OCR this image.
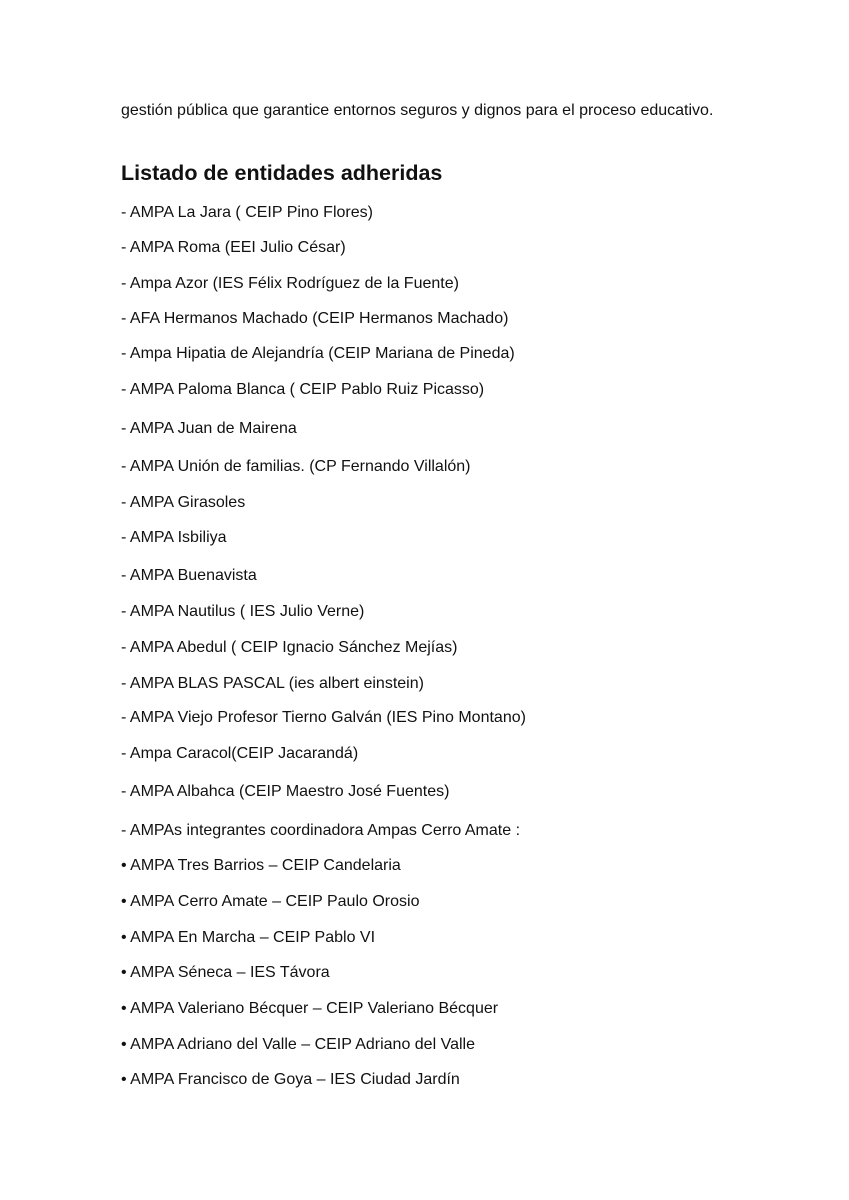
gestión pública que garantice entornos seguros y dignos para el proceso educativo.

Listado de entidades adheridas

- AMPA La Jara ( CEIP Pino Flores)

- AMPA Roma (EEI Julio César)

- Ampa Azor (IES Félix Rodríguez de la Fuente)

- AFA Hermanos Machado (CEIP Hermanos Machado)

- Ampa Hipatia de Alejandría (CEIP Mariana de Pineda)

- AMPA Paloma Blanca ( CEIP Pablo Ruiz Picasso)

- AMPA Juan de Mairena

- AMPA Unión de familias. (CP Fernando Villalón)

- AMPA Girasoles

- AMPA Isbiliya

- AMPA Buenavista

- AMPA Nautilus ( IES Julio Verne)

- AMPA Abedul ( CEIP Ignacio Sánchez Mejías)

- AMPA BLAS PASCAL (ies albert einstein)

- AMPA Viejo Profesor Tierno Galván (IES Pino Montano)

- Ampa Caracol(CEIP Jacarandá)

- AMPA Albahca (CEIP Maestro José Fuentes)

- AMPAs integrantes coordinadora Ampas Cerro Amate :

• AMPA Tres Barrios – CEIP Candelaria

• AMPA Cerro Amate – CEIP Paulo Orosio

• AMPA En Marcha – CEIP Pablo VI

• AMPA Séneca – IES Távora

• AMPA Valeriano Bécquer – CEIP Valeriano Bécquer

• AMPA Adriano del Valle – CEIP Adriano del Valle

• AMPA Francisco de Goya – IES Ciudad Jardín
